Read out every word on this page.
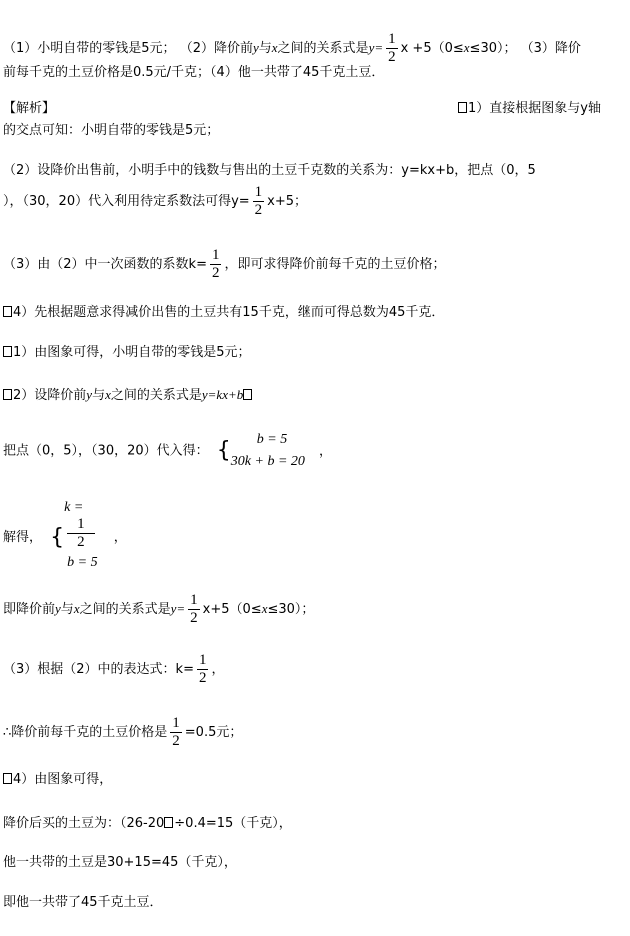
（1）小明自带的零钱是5元； （2）降价前y与x之间的关系式是$y= \frac{1}{2}$ x +5（0≤x≤30）； （3）降价
前每千克的土豆价格是0.5元/千克；（4）他一共带了45千克土豆．
【解析】	1）直接根据图象与y轴
的交点可知：小明自带的零钱是5元；
（2）设降价出售前，小明手中的钱数与售出的土豆千克数的关系为：y=kx+b，把点（0，5
），（30，20）代入利用待定系数法可得$y= \frac{1}{2} x+5$；
（3）由（2）中一次函数的系数$k= \frac{1}{2}$ ，即可求得降价前每千克的土豆价格；
4）先根据题意求得减价出售的土豆共有15千克，继而可得总数为45千克．
1）由图象可得，小明自带的零钱是5元；
2）设降价前y与x之间的关系式是y=kx+b
把点（0，5），（30，20）代入得： {	b = 5
30k + b = 20
，
解得， {
k =
1
2
b = 5
，
即降价前y与x之间的关系式是$y= \frac{1}{2} x+5(0\le x\le 30)$；
（3）根据（2）中的表达式：$k= \frac{1}{2}$ ，
∴降价前每千克的土豆价格是 $\frac{1}{2} =0.5$元；
4）由图象可得，
降价后买的土豆为：（26-20 ÷0.4=15（千克），
他一共带的土豆是30+15=45（千克），
即他一共带了45千克土豆．
